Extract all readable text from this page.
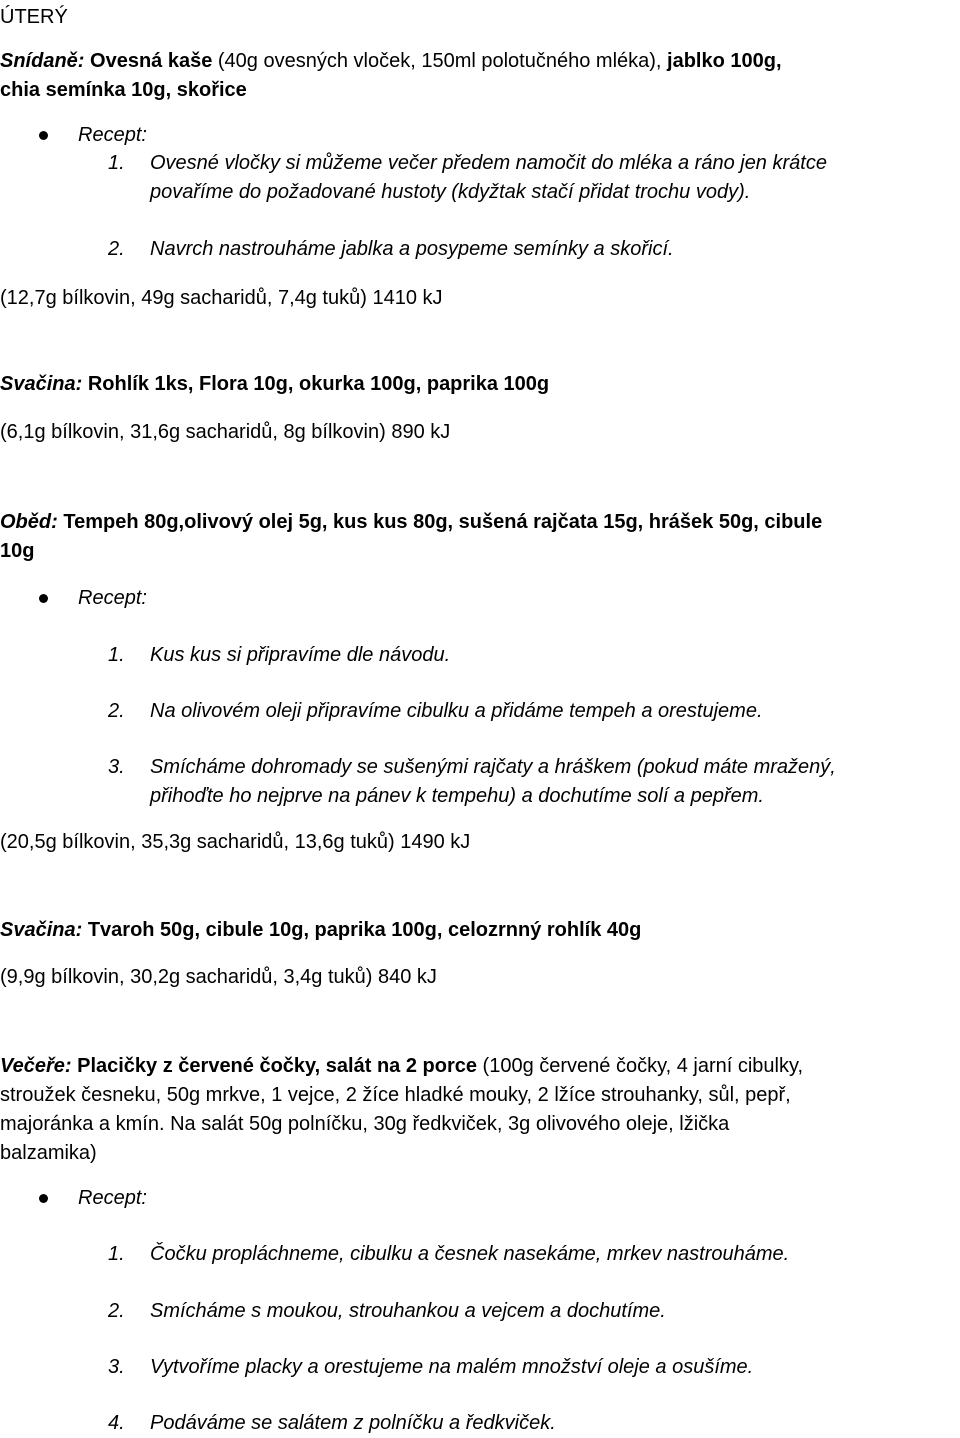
ÚTERÝ
Snídaně: Ovesná kaše (40g ovesných vloček, 150ml polotučného mléka), jablko 100g,
chia semínka 10g, skořice
Recept:
1. Ovesné vločky si můžeme večer předem namočit do mléka a ráno jen krátce
povaříme do požadované hustoty (kdyžtak stačí přidat trochu vody).
2. Navrch nastrouháme jablka a posypeme semínky a skořicí.
(12,7g bílkovin, 49g sacharidů, 7,4g tuků) 1410 kJ
Svačina: Rohlík 1ks, Flora 10g, okurka 100g, paprika 100g
(6,1g bílkovin, 31,6g sacharidů, 8g bílkovin) 890 kJ
Oběd: Tempeh 80g,olivový olej 5g, kus kus 80g, sušená rajčata 15g, hrášek 50g, cibule
10g
Recept:
1. Kus kus si připravíme dle návodu.
2. Na olivovém oleji připravíme cibulku a přidáme tempeh a orestujeme.
3. Smícháme dohromady se sušenými rajčaty a hráškem (pokud máte mražený,
přihoďte ho nejprve na pánev k tempehu) a dochutíme solí a pepřem.
(20,5g bílkovin, 35,3g sacharidů, 13,6g tuků) 1490 kJ
Svačina: Tvaroh 50g, cibule 10g, paprika 100g, celozrnný rohlík 40g
(9,9g bílkovin, 30,2g sacharidů, 3,4g tuků) 840 kJ
Večeře: Placičky z červené čočky, salát na 2 porce (100g červené čočky, 4 jarní cibulky,
stroužek česneku, 50g mrkve, 1 vejce, 2 žíce hladké mouky, 2 lžíce strouhanky, sůl, pepř,
majoránka a kmín. Na salát 50g polníčku, 30g ředkviček, 3g olivového oleje, lžička
balzamika)
Recept:
1. Čočku propláchneme, cibulku a česnek nasekáme, mrkev nastrouháme.
2. Smícháme s moukou, strouhankou a vejcem a dochutíme.
3. Vytvoříme placky a orestujeme na malém množství oleje a osušíme.
4. Podáváme se salátem z polníčku a ředkviček.
